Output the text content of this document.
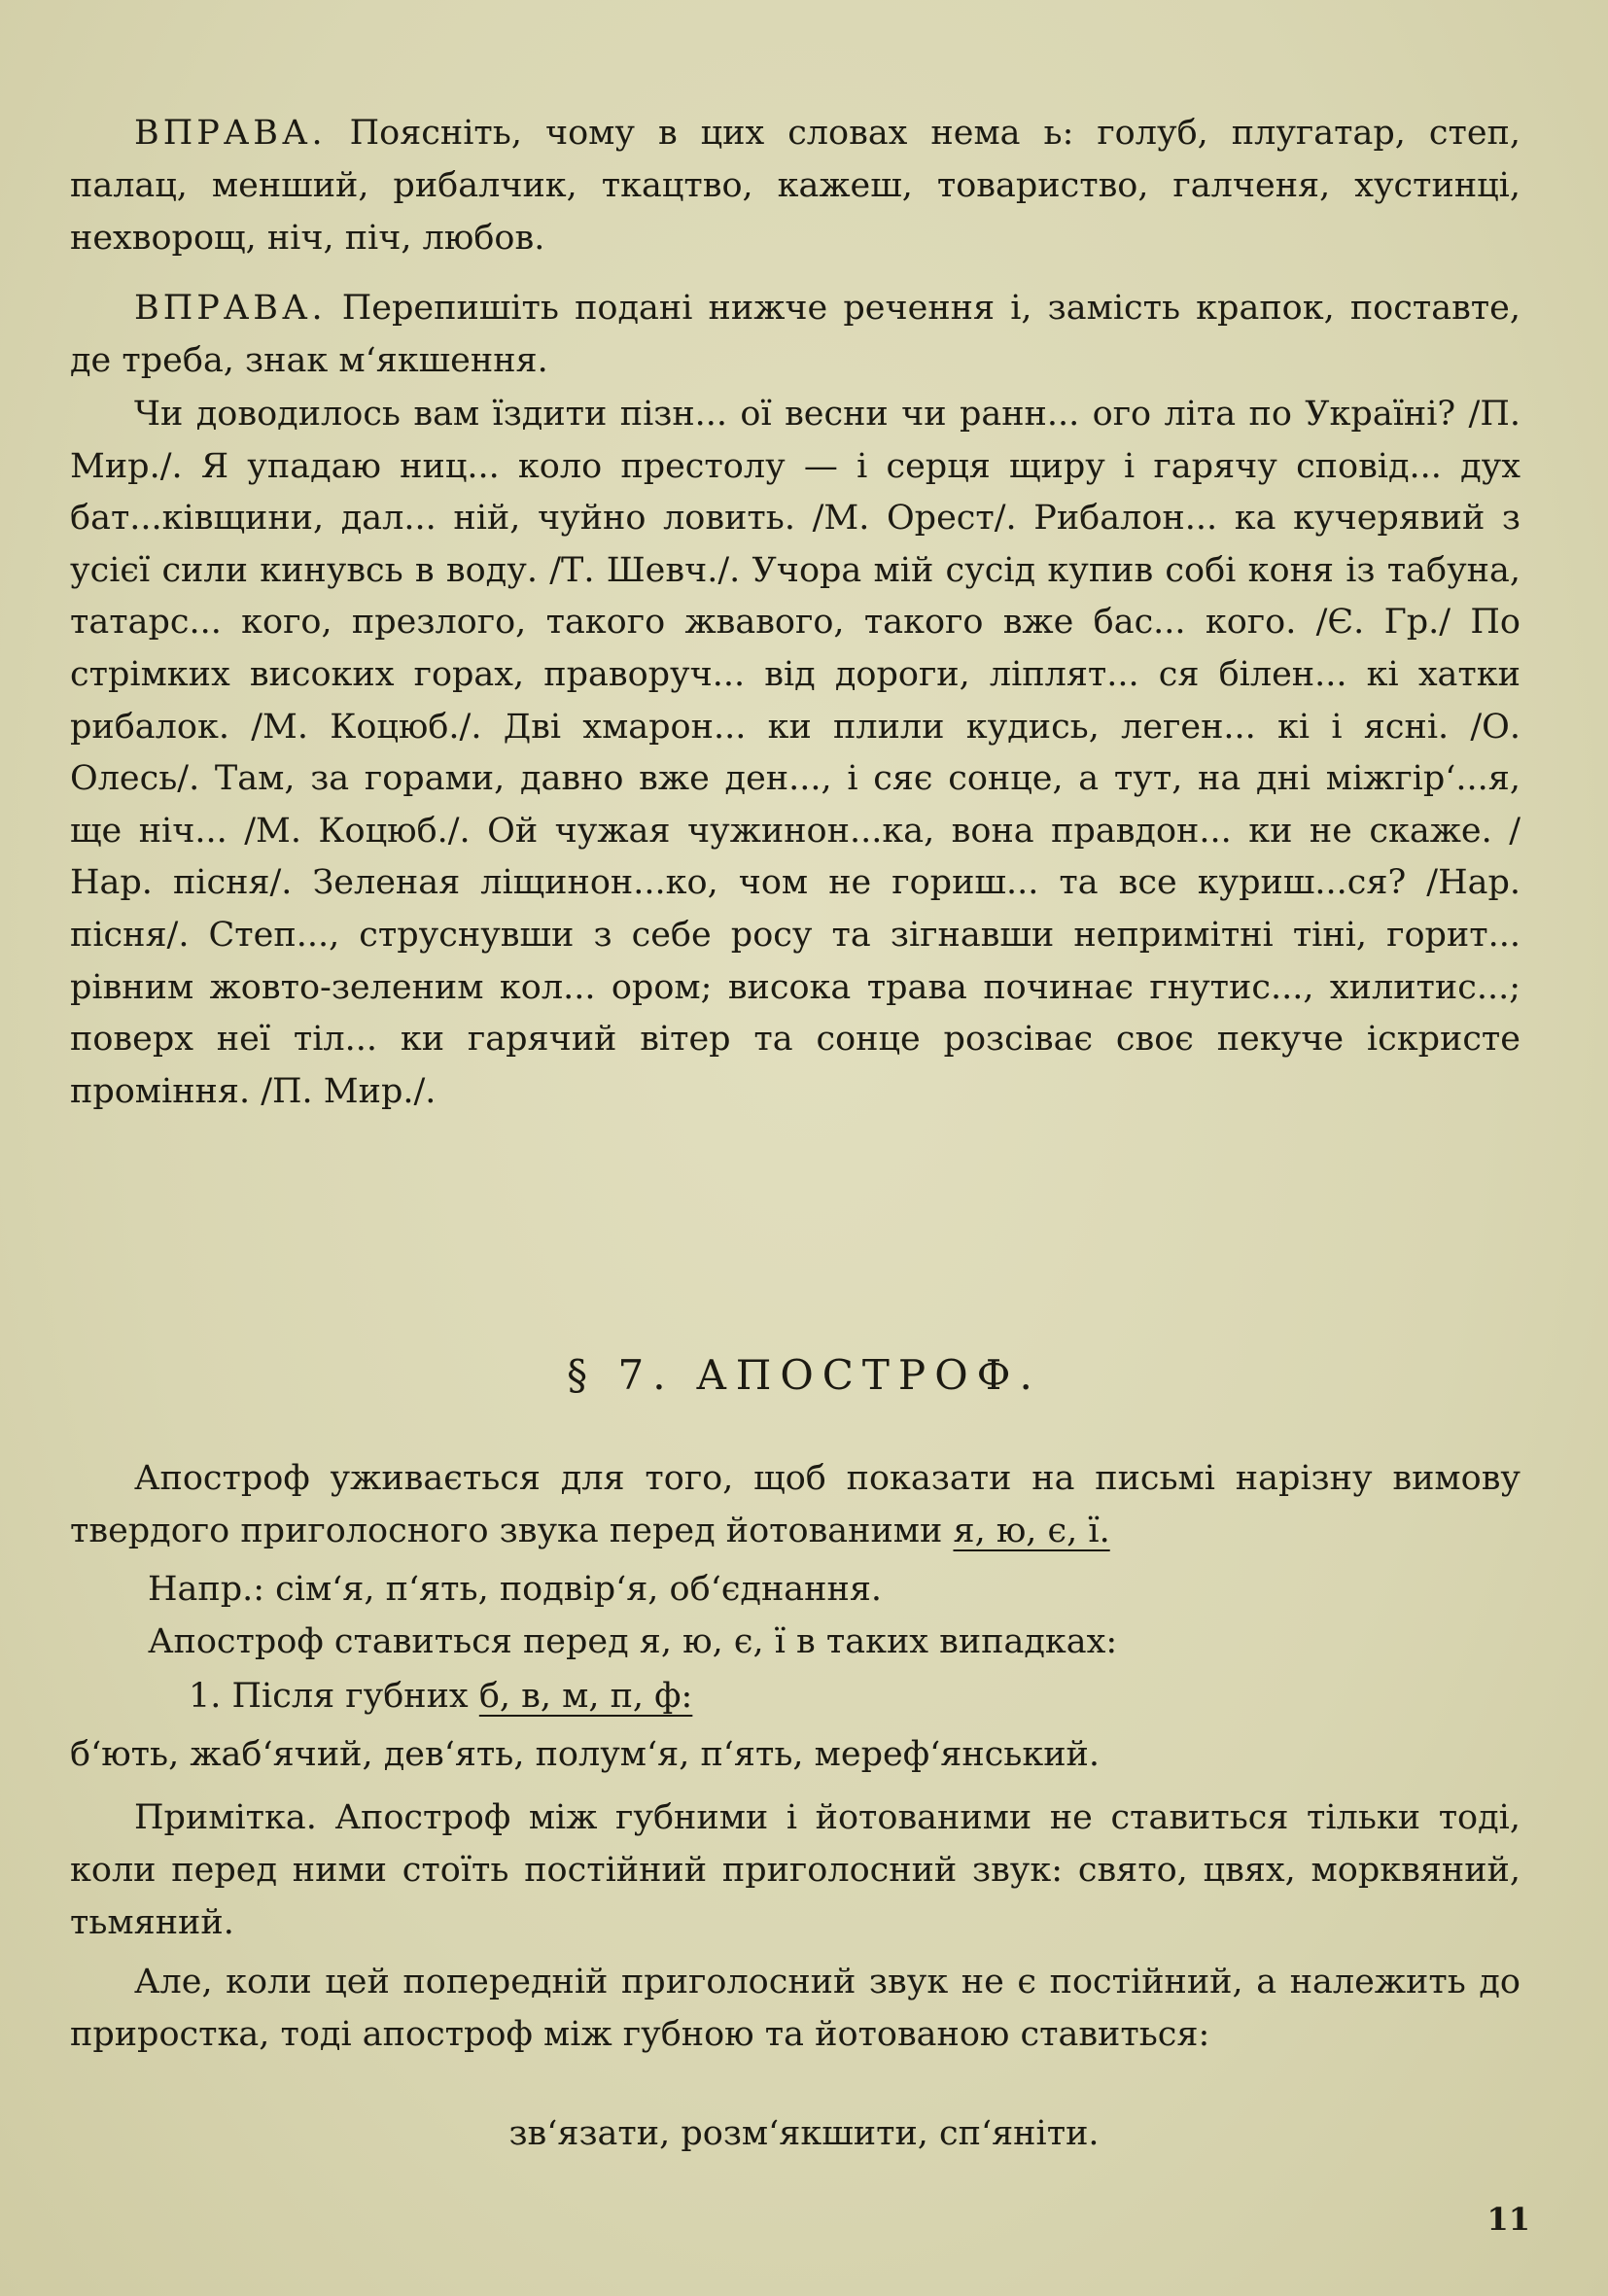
ВПРАВА. Поясніть, чому в цих словах нема ь: голуб, плугатар, степ, палац, менший, рибалчик, ткацтво, кажеш, товариство, галченя, хустинці, нехворощ, ніч, піч, любов.

ВПРАВА. Перепишіть подані нижче речення і, замість крапок, поставте, де треба, знак м‘якшення.

Чи доводилось вам їздити пізн... ої весни чи ранн... ого літа по Україні? /П. Мир./. Я упадаю ниц... коло престолу — і серця щиру і гарячу сповід... дух бат...ківщини, дал... ній, чуйно ловить. /М. Орест/. Рибалон... ка кучерявий з усієї сили кинувсь в воду. /Т. Шевч./. Учора мій сусід купив собі коня із табуна, татарс... кого, презлого, такого жвавого, такого вже бас... кого. /Є. Гр./ По стрімких високих горах, праворуч... від дороги, ліплят... ся білен... кі хатки рибалок. /М. Коцюб./. Дві хмарон... ки плили кудись, леген... кі і ясні. /О. Олесь/. Там, за горами, давно вже ден..., і сяє сонце, а тут, на дні міжгір‘...я, ще ніч... /М. Коцюб./. Ой чужая чужинон...ка, вона правдон... ки не скаже. /Нар. пісня/. Зеленая ліщинон...ко, чом не гориш... та все куриш...ся? /Нар. пісня/. Степ..., струснувши з себе росу та зігнавши непримітні тіні, горит... рівним жовто-зеленим кол... ором; висока трава починає гнутис..., хилитис...; поверх неї тіл... ки гарячий вітер та сонце розсіває своє пекуче іскристе проміння. /П. Мир./.

§ 7. АПОСТРОФ.

Апостроф уживається для того, щоб показати на письмі нарізну вимову твердого приголосного звука перед йотованими я, ю, є, ї.

Напр.: сім‘я, п‘ять, подвір‘я, об‘єднання.
Апостроф ставиться перед я, ю, є, ї в таких випадках:
1. Після губних б, в, м, п, ф:
б‘ють, жаб‘ячий, дев‘ять, полум‘я, п‘ять, мереф‘янський.

Примітка. Апостроф між губними і йотованими не ставиться тільки тоді, коли перед ними стоїть постійний приголосний звук: свято, цвях, морквяний, тьмяний.

Але, коли цей попередній приголосний звук не є постійний, а належить до приростка, тоді апостроф між губною та йотованою ставиться:

зв‘язати, розм‘якшити, сп‘яніти.
11
